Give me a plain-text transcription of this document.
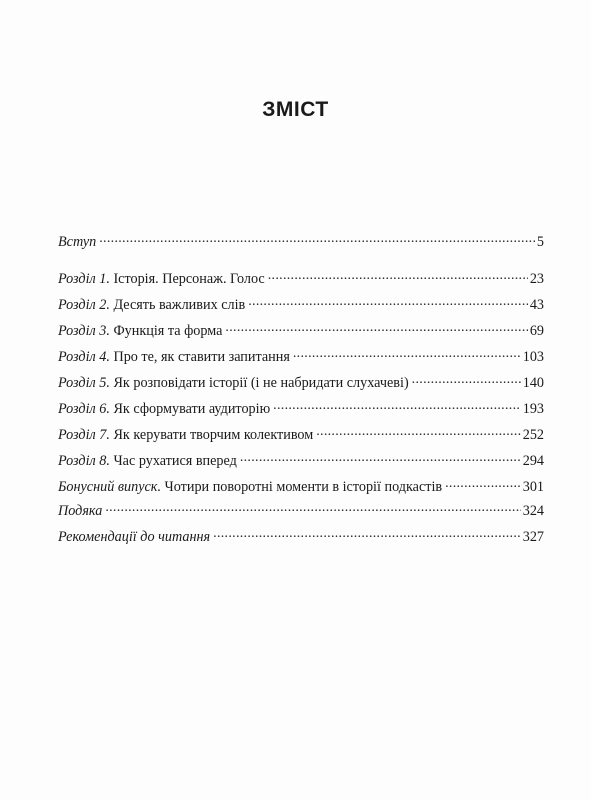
ЗМІСТ
Вступ . . .	5
Розділ 1. Історія. Персонаж. Голос . . .	23
Розділ 2. Десять важливих слів . . .	43
Розділ 3. Функція та форма . . .	69
Розділ 4. Про те, як ставити запитання . . .	103
Розділ 5. Як розповідати історії (і не набридати слухачеві) . . .	140
Розділ 6. Як сформувати аудиторію . . .	193
Розділ 7. Як керувати творчим колективом . . .	252
Розділ 8. Час рухатися вперед . . .	294
Бонусний випуск. Чотири поворотні моменти в історії подкастів . . .	301
Подяка . . .	324
Рекомендації до читання . . .	327
